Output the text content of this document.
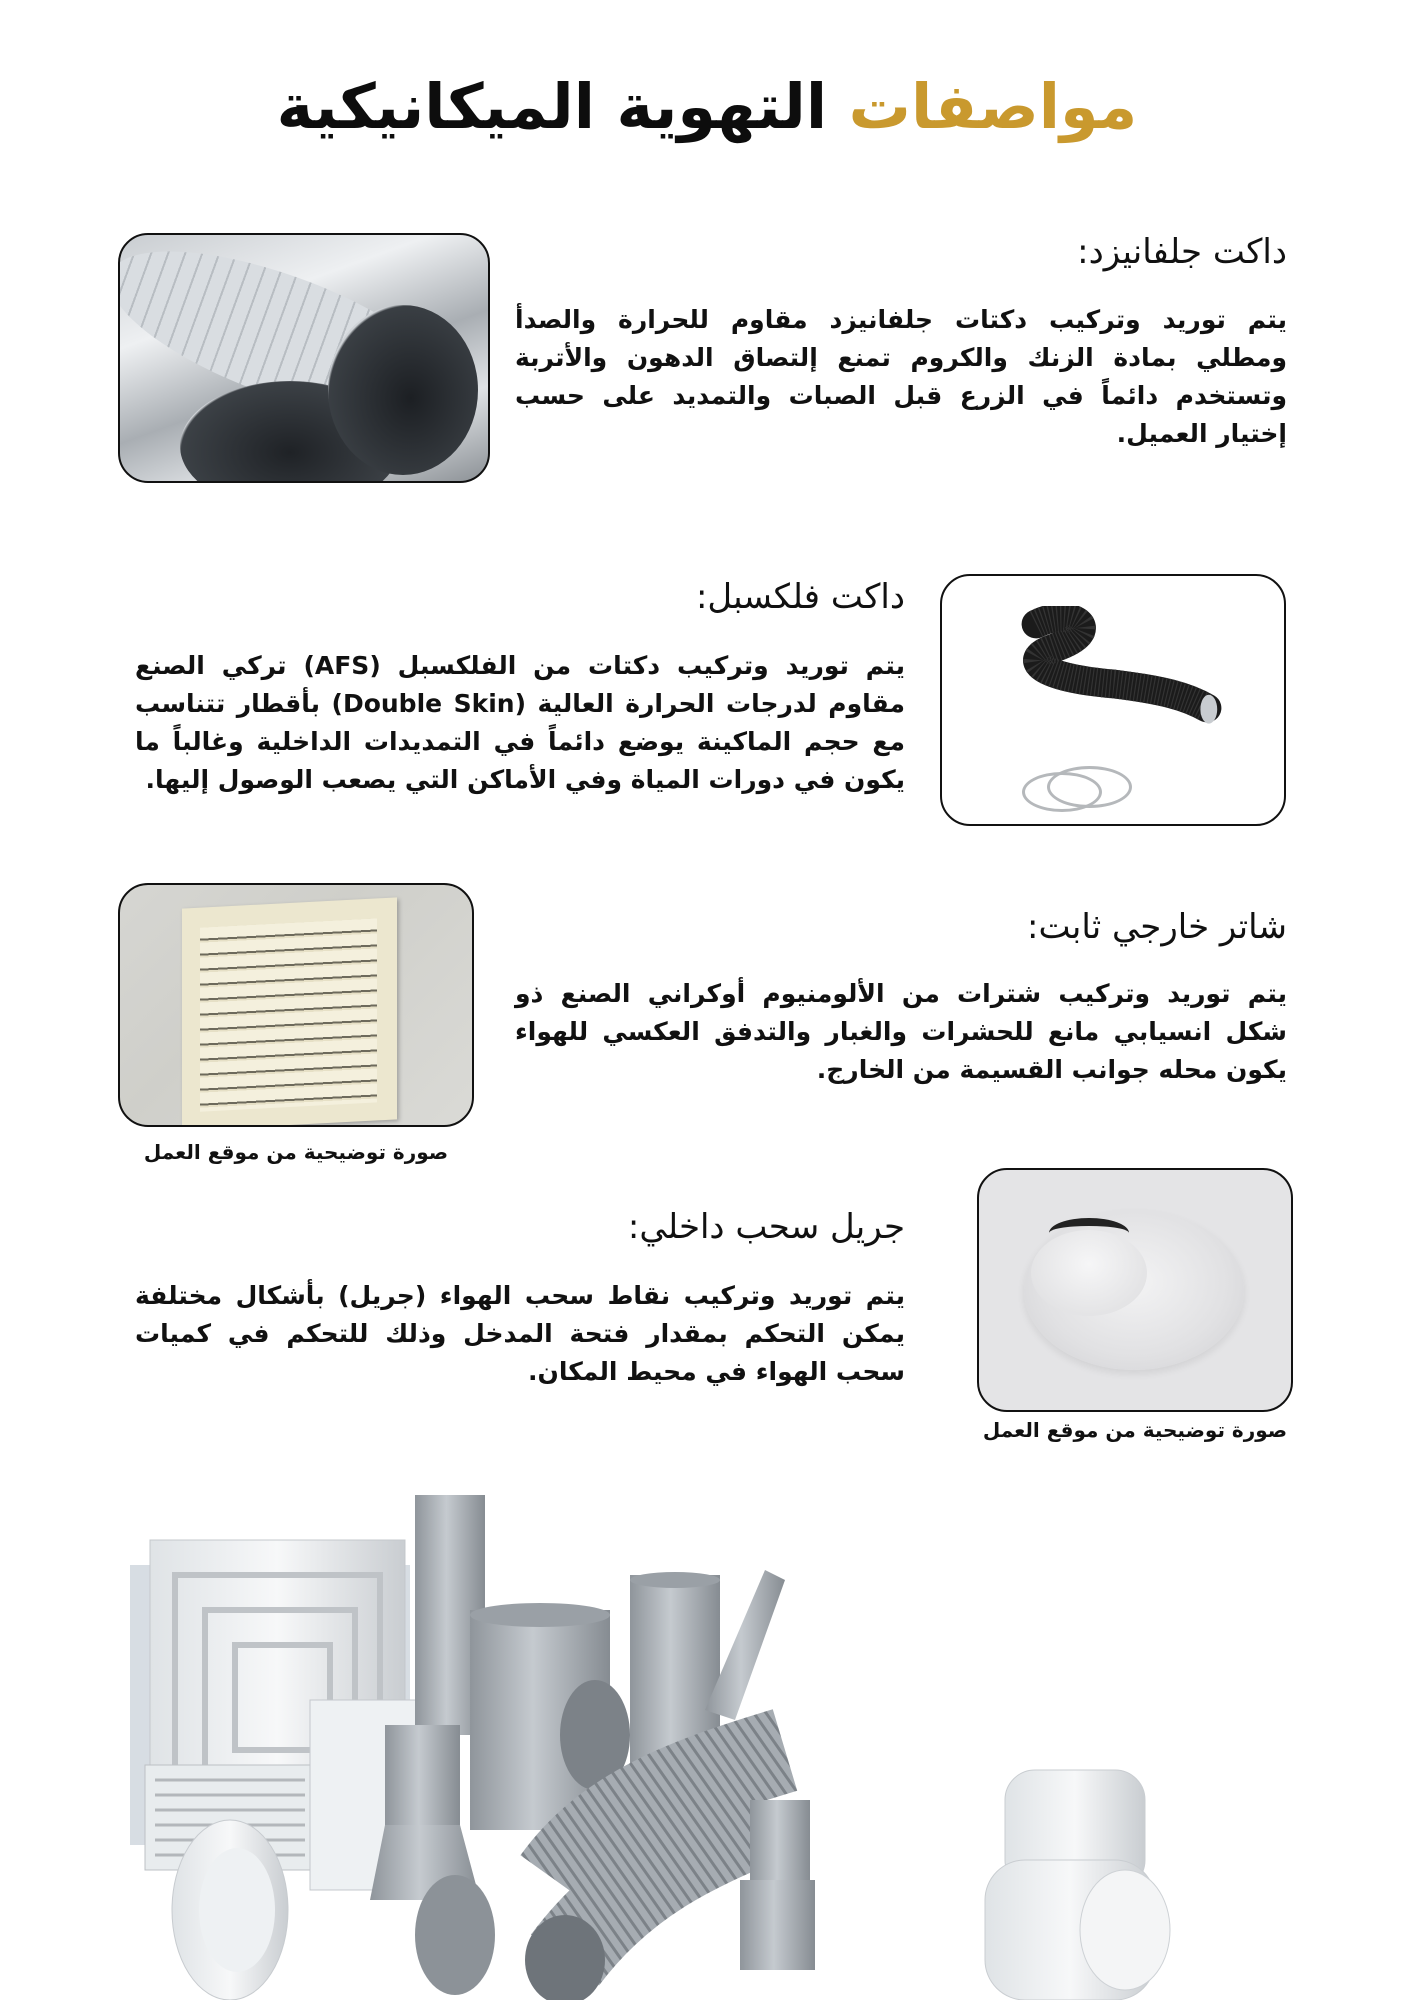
مواصفات التهوية الميكانيكية
داكت جلفانيزد:

يتم توريد وتركيب دكتات جلفانيزد مقاوم للحرارة والصدأ ومطلي بمادة الزنك والكروم تمنع إلتصاق الدهون والأتربة وتستخدم دائماً في الزرع قبل الصبات والتمديد على حسب إختيار العميل.

داكت فلكسبل:

يتم توريد وتركيب دكتات من الفلكسبل (AFS) تركي الصنع مقاوم لدرجات الحرارة العالية (Double Skin) بأقطار تتناسب مع حجم الماكينة يوضع دائماً في التمديدات الداخلية وغالباً ما يكون في دورات المياة وفي الأماكن التي يصعب الوصول إليها.

شاتر خارجي ثابت:

يتم توريد وتركيب شترات من الألومنيوم أوكراني الصنع ذو شكل انسيابي مانع للحشرات والغبار والتدفق العكسي للهواء يكون محله جوانب القسيمة من الخارج.

صورة توضيحية من موقع العمل
جريل سحب داخلي:

يتم توريد وتركيب نقاط سحب الهواء (جريل) بأشكال مختلفة يمكن التحكم بمقدار فتحة المدخل وذلك للتحكم في كميات سحب الهواء في محيط المكان.

صورة توضيحية من موقع العمل
